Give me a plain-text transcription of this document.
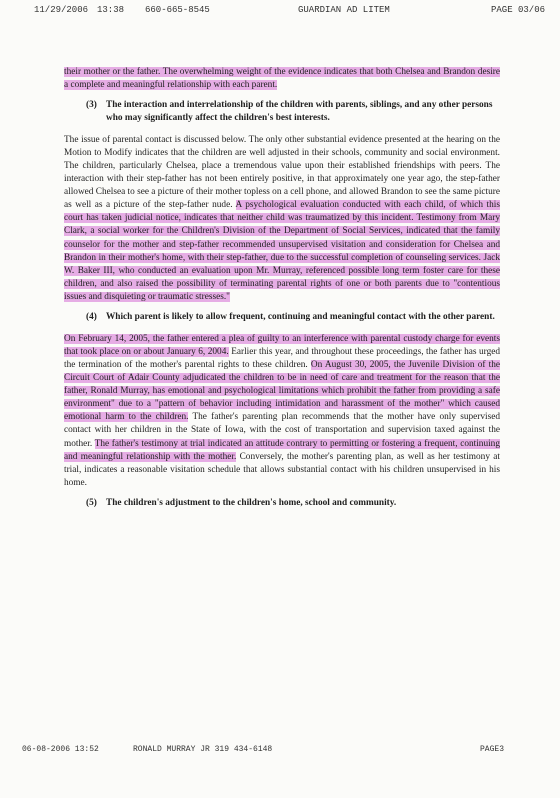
11/29/2006 13:38 660-665-8545	GUARDIAN AD LITEM	PAGE 03/06

their mother or the father. The overwhelming weight of the evidence indicates that both Chelsea and Brandon desire a complete and meaningful relationship with each parent.

(3) The interaction and interrelationship of the children with parents, siblings, and any other persons who may significantly affect the children's best interests.

The issue of parental contact is discussed below. The only other substantial evidence presented at the hearing on the Motion to Modify indicates that the children are well adjusted in their schools, community and social environment. The children, particularly Chelsea, place a tremendous value upon their established friendships with peers. The interaction with their step-father has not been entirely positive, in that approximately one year ago, the step-father allowed Chelsea to see a picture of their mother topless on a cell phone, and allowed Brandon to see the same picture as well as a picture of the step-father nude. A psychological evaluation conducted with each child, of which this court has taken judicial notice, indicates that neither child was traumatized by this incident. Testimony from Mary Clark, a social worker for the Children's Division of the Department of Social Services, indicated that the family counselor for the mother and step-father recommended unsupervised visitation and consideration for Chelsea and Brandon in their mother's home, with their step-father, due to the successful completion of counseling services. Jack W. Baker III, who conducted an evaluation upon Mr. Murray, referenced possible long term foster care for these children, and also raised the possibility of terminating parental rights of one or both parents due to "contentious issues and disquieting or traumatic stresses."

(4) Which parent is likely to allow frequent, continuing and meaningful contact with the other parent.

On February 14, 2005, the father entered a plea of guilty to an interference with parental custody charge for events that took place on or about January 6, 2004. Earlier this year, and throughout these proceedings, the father has urged the termination of the mother's parental rights to these children. On August 30, 2005, the Juvenile Division of the Circuit Court of Adair County adjudicated the children to be in need of care and treatment for the reason that the father, Ronald Murray, has emotional and psychological limitations which prohibit the father from providing a safe environment" due to a "pattern of behavior including intimidation and harassment of the mother" which caused emotional harm to the children. The father's parenting plan recommends that the mother have only supervised contact with her children in the State of Iowa, with the cost of transportation and supervision taxed against the mother. The father's testimony at trial indicated an attitude contrary to permitting or fostering a frequent, continuing and meaningful relationship with the mother. Conversely, the mother's parenting plan, as well as her testimony at trial, indicates a reasonable visitation schedule that allows substantial contact with his children unsupervised in his home.

(5) The children's adjustment to the children's home, school and community.
06-08-2006 13:52	RONALD MURRAY JR 319 434-6148	PAGE3
